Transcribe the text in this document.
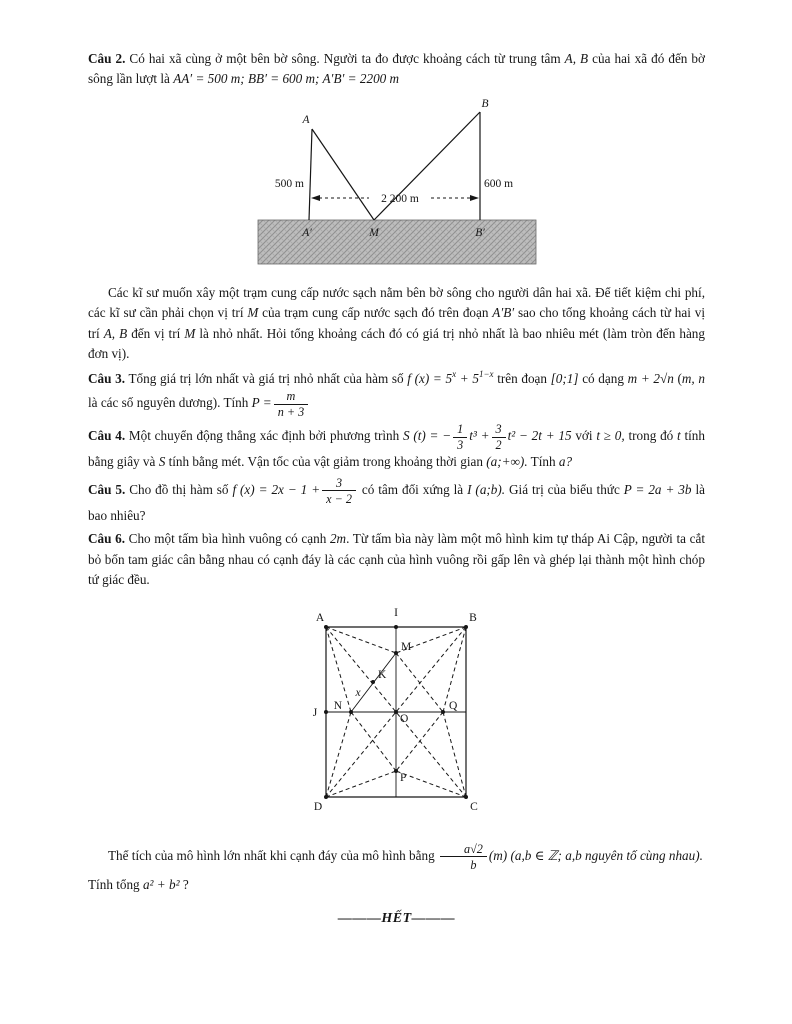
Câu 2. Có hai xã cùng ở một bên bờ sông. Người ta đo được khoảng cách từ trung tâm A, B của hai xã đó đến bờ sông lần lượt là AA′ = 500 m; BB′ = 600 m; A′B′ = 2200 m

2 200 m
A
B
500 m	600 m
A′	M	B′

Các kĩ sư muốn xây một trạm cung cấp nước sạch nằm bên bờ sông cho người dân hai xã. Để tiết kiệm chi phí, các kĩ sư cần phải chọn vị trí M của trạm cung cấp nước sạch đó trên đoạn A′B′ sao cho tổng khoảng cách từ hai vị trí A, B đến vị trí M là nhỏ nhất. Hỏi tổng khoảng cách đó có giá trị nhỏ nhất là bao nhiêu mét (làm tròn đến hàng đơn vị).

Câu 3. Tổng giá trị lớn nhất và giá trị nhỏ nhất của hàm số f $(x) = 5^x + 5^{1-x}$ trên đoạn [0;1] có dạng m + 2√n (m, n là các số nguyên dương). Tính $P = \frac{m}{n + 3}$

Câu 4. Một chuyển động thẳng xác định bởi phương trình S (t) = − $\frac{1}{3} t^3 + \frac{3}{2} t^2 - 2t + 15$ với t ≥ 0, trong đó t tính bằng giây và S tính bằng mét. Vận tốc của vật giảm trong khoảng thời gian (a;+∞). Tính a?

Câu 5. Cho đồ thị hàm số f $(x) = 2x - 1 + \frac{3}{x - 2}$ có tâm đối xứng là I (a;b). Giá trị của biểu thức P = 2a + 3b là bao nhiêu?

Câu 6. Cho một tấm bìa hình vuông có cạnh 2m. Từ tấm bìa này làm một mô hình kim tự tháp Ai Cập, người ta cắt bỏ bốn tam giác cân bằng nhau có cạnh đáy là các cạnh của hình vuông rồi gấp lên và ghép lại thành một hình chóp tứ giác đều.

A	B
I
J
D	C
M
K
x
N
O
Q
P

Thể tích của mô hình lớn nhất khi cạnh đáy của mô hình bằng $\frac{a√2}{b} (m)$ (a,b ∈ ℤ; a,b nguyên tố cùng nhau).

Tính tổng a² + b² ?

———HẾT———
